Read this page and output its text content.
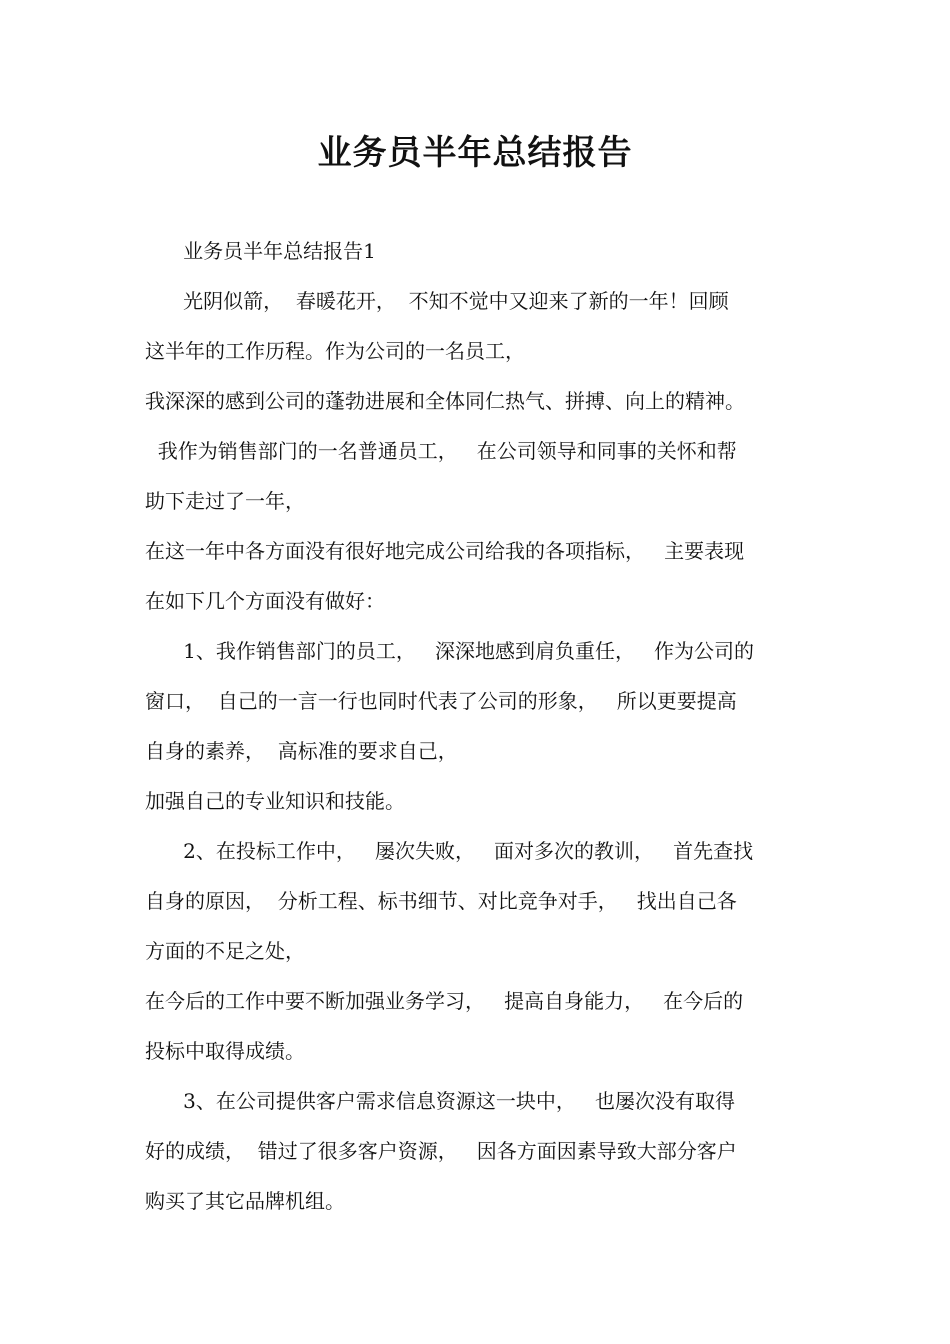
业务员半年总结报告
业务员半年总结报告1
光阴似箭，  春暖花开，  不知不觉中又迎来了新的一年！回顾
这半年的工作历程。作为公司的一名员工，
我深深的感到公司的蓬勃进展和全体同仁热气、拼搏、向上的精神。
我作为销售部门的一名普通员工，   在公司领导和同事的关怀和帮
助下走过了一年，
在这一年中各方面没有很好地完成公司给我的各项指标，   主要表现
在如下几个方面没有做好：
1、我作销售部门的员工，   深深地感到肩负重任，   作为公司的
窗口，  自己的一言一行也同时代表了公司的形象，   所以更要提高
自身的素养，  高标准的要求自己，
加强自己的专业知识和技能。
2、在投标工作中，   屡次失败，   面对多次的教训，   首先查找
自身的原因，  分析工程、标书细节、对比竞争对手，   找出自己各
方面的不足之处，
在今后的工作中要不断加强业务学习，   提高自身能力，   在今后的
投标中取得成绩。
3、在公司提供客户需求信息资源这一块中，   也屡次没有取得
好的成绩，  错过了很多客户资源，   因各方面因素导致大部分客户
购买了其它品牌机组。
